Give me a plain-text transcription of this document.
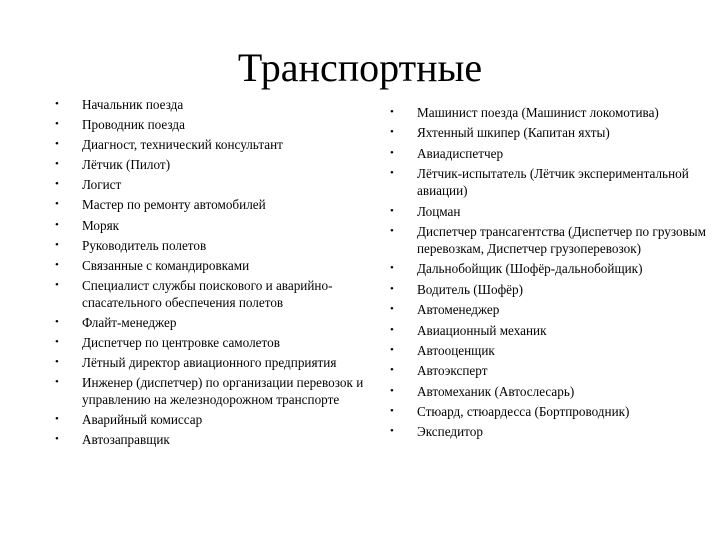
Транспортные
• Начальник поезда
• Проводник поезда
• Диагност, технический консультант
• Лётчик (Пилот)
• Логист
• Мастер по ремонту автомобилей
• Моряк
• Руководитель полетов
• Связанные с командировками
• Специалист службы поискового и аварийно-спасательного обеспечения полетов
• Флайт-менеджер
• Диспетчер по центровке самолетов
• Лётный директор авиационного предприятия
• Инженер (диспетчер) по организации перевозок и управлению на железнодорожном транспорте
• Аварийный комиссар
• Автозаправщик
• Машинист поезда (Машинист локомотива)
• Яхтенный шкипер (Капитан яхты)
• Авиадиспетчер
• Лётчик-испытатель (Лётчик экспериментальной авиации)
• Лоцман
• Диспетчер трансагентства (Диспетчер по грузовым перевозкам, Диспетчер грузоперевозок)
• Дальнобойщик (Шофёр-дальнобойщик)
• Водитель (Шофёр)
• Автоменеджер
• Авиационный механик
• Автооценщик
• Автоэксперт
• Автомеханик (Автослесарь)
• Стюард, стюардесса (Бортпроводник)
• Экспедитор
